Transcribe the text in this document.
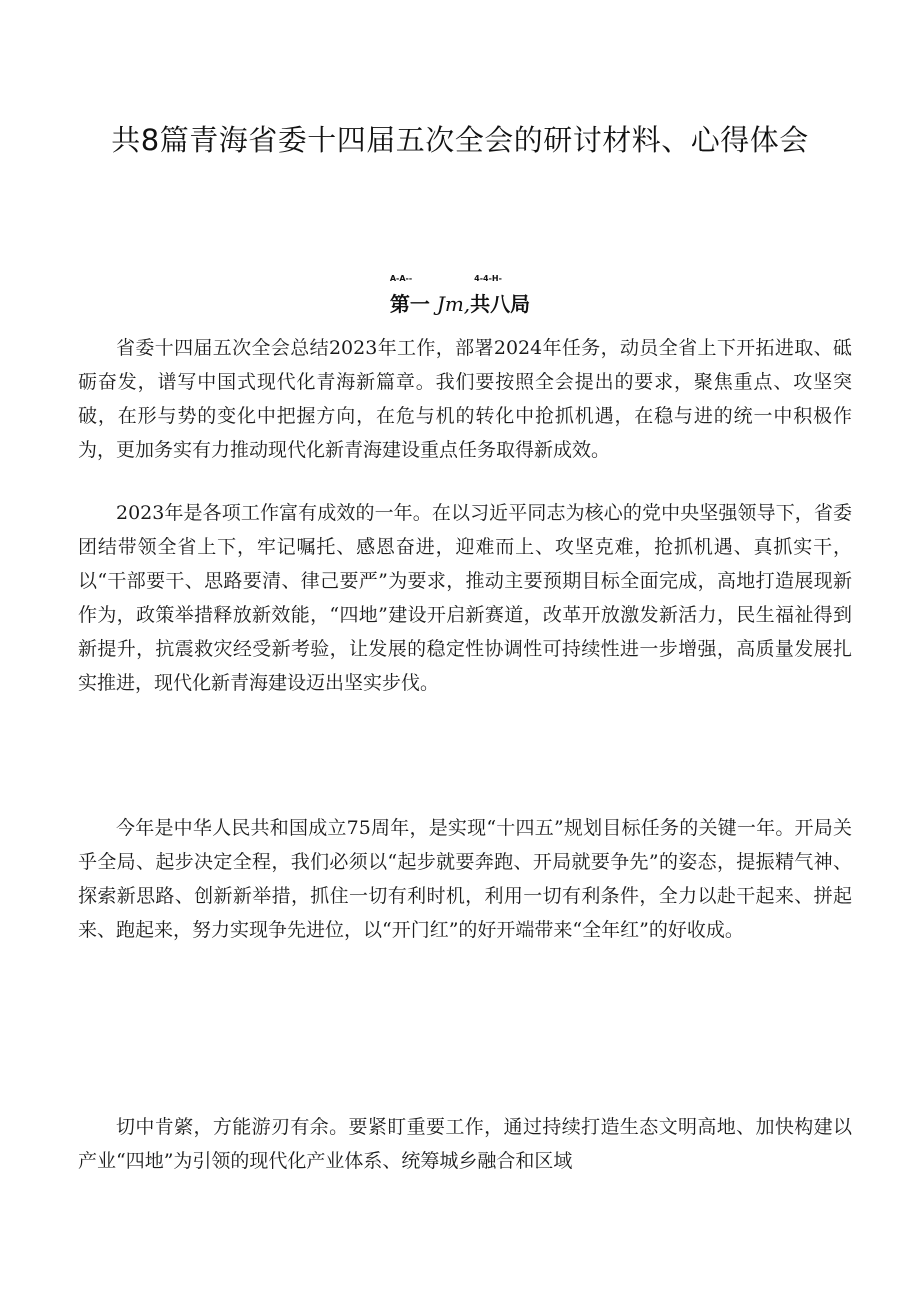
共8篇青海省委十四届五次全会的研讨材料、心得体会
A-A--
第一 Jm,
4-4-H-
共八局

省委十四届五次全会总结2023年工作，部署2024年任务，动员全省上下开拓进取、砥砺奋发，谱写中国式现代化青海新篇章。我们要按照全会提出的要求，聚焦重点、攻坚突破，在形与势的变化中把握方向，在危与机的转化中抢抓机遇，在稳与进的统一中积极作为，更加务实有力推动现代化新青海建设重点任务取得新成效。

2023年是各项工作富有成效的一年。在以习近平同志为核心的党中央坚强领导下，省委团结带领全省上下，牢记嘱托、感恩奋进，迎难而上、攻坚克难，抢抓机遇、真抓实干，以“干部要干、思路要清、律己要严”为要求，推动主要预期目标全面完成，高地打造展现新作为，政策举措释放新效能，“四地”建设开启新赛道，改革开放激发新活力，民生福祉得到新提升，抗震救灾经受新考验，让发展的稳定性协调性可持续性进一步增强，高质量发展扎实推进，现代化新青海建设迈出坚实步伐。

今年是中华人民共和国成立75周年，是实现“十四五”规划目标任务的关键一年。开局关乎全局、起步决定全程，我们必须以“起步就要奔跑、开局就要争先”的姿态，提振精气神、探索新思路、创新新举措，抓住一切有利时机，利用一切有利条件，全力以赴干起来、拼起来、跑起来，努力实现争先进位，以“开门红”的好开端带来“全年红”的好收成。

切中肯綮，方能游刃有余。要紧盯重要工作，通过持续打造生态文明高地、加快构建以产业“四地”为引领的现代化产业体系、统筹城乡融合和区域
